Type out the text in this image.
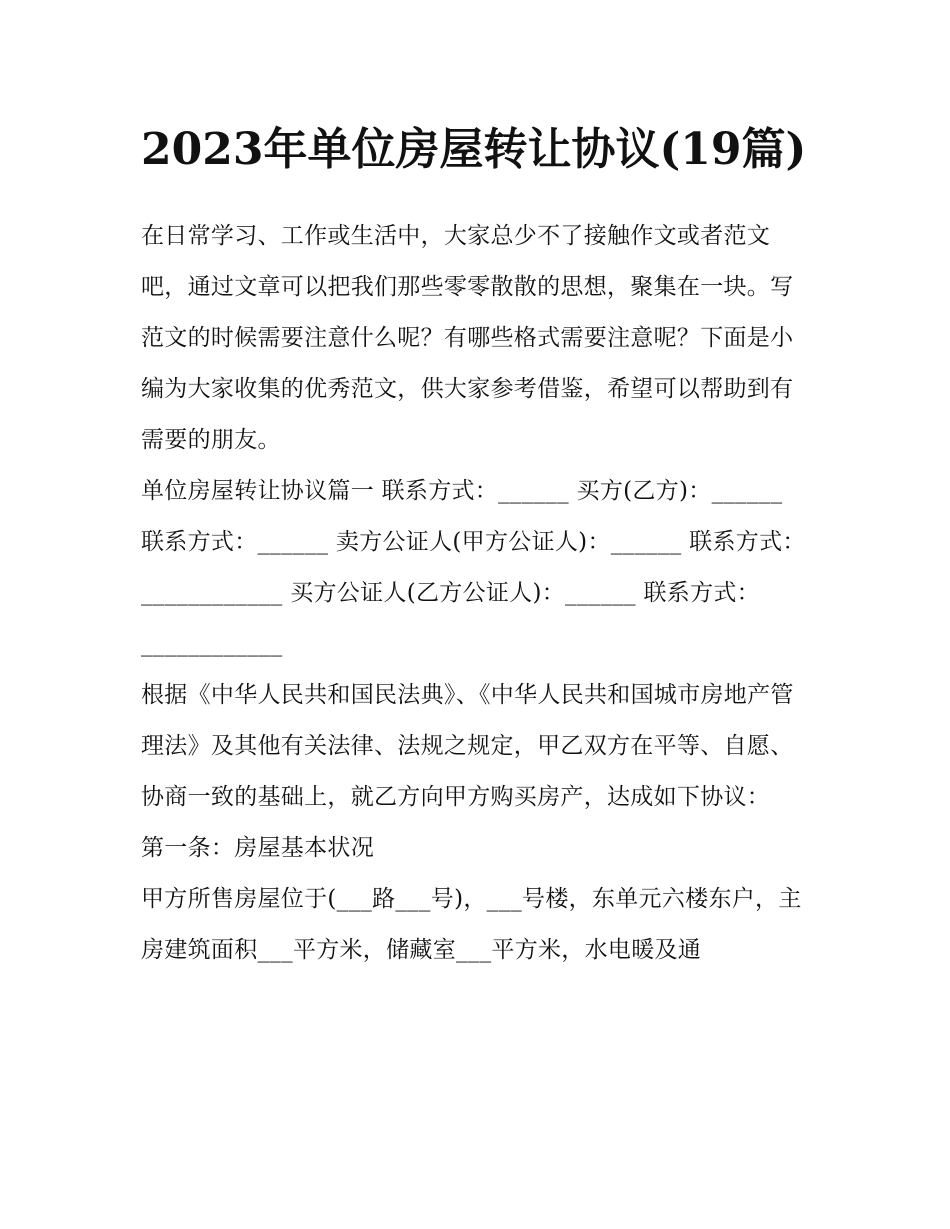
2023年单位房屋转让协议(19篇)

在日常学习、工作或生活中，大家总少不了接触作文或者范文吧，通过文章可以把我们那些零零散散的思想，聚集在一块。写范文的时候需要注意什么呢？有哪些格式需要注意呢？下面是小编为大家收集的优秀范文，供大家参考借鉴，希望可以帮助到有需要的朋友。

单位房屋转让协议篇一 联系方式：______ 买方(乙方)：______ 联系方式：______ 卖方公证人(甲方公证人)：______ 联系方式：____________ 买方公证人(乙方公证人)：______ 联系方式：____________

根据《中华人民共和国民法典》、《中华人民共和国城市房地产管理法》及其他有关法律、法规之规定，甲乙双方在平等、自愿、协商一致的基础上，就乙方向甲方购买房产，达成如下协议：

第一条：房屋基本状况

甲方所售房屋位于(___路___号)，___号楼，东单元六楼东户，主房建筑面积___平方米，储藏室___平方米，水电暖及通
